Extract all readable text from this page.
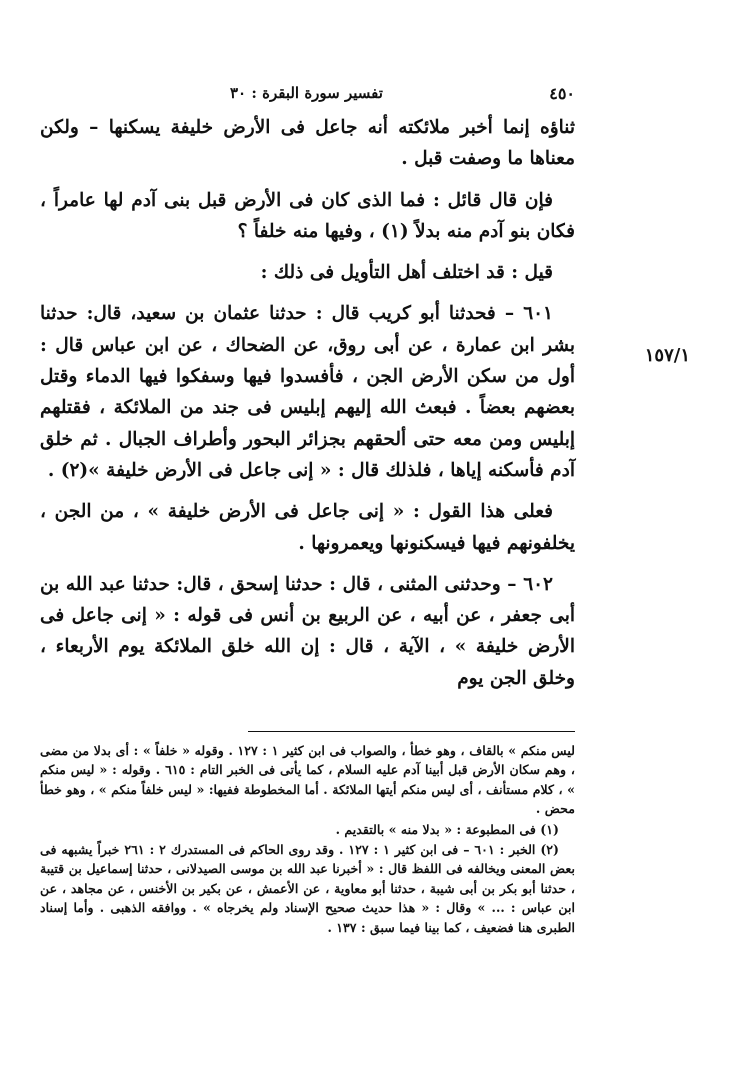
٤٥٠
تفسير سورة البقرة : ٣٠
١٥٧/١

ثناؤه إنما أخبر ملائكته أنه جاعل فى الأرض خليفة يسكنها – ولكن معناها ما وصفت قبل .

فإن قال قائل : فما الذى كان فى الأرض قبل بنى آدم لها عامراً ، فكان بنو آدم منه بدلاً (١) ، وفيها منه خلفاً ؟

قيل : قد اختلف أهل التأويل فى ذلك :

٦٠١ – فحدثنا أبو كريب قال : حدثنا عثمان بن سعيد، قال: حدثنا بشر ابن عمارة ، عن أبى روق، عن الضحاك ، عن ابن عباس قال : أول من سكن الأرض الجن ، فأفسدوا فيها وسفكوا فيها الدماء وقتل بعضهم بعضاً . فبعث الله إليهم إبليس فى جند من الملائكة ، فقتلهم إبليس ومن معه حتى ألحقهم بجزائر البحور وأطراف الجبال . ثم خلق آدم فأسكنه إياها ، فلذلك قال : « إنى جاعل فى الأرض خليفة »(٢) .

فعلى هذا القول : « إنى جاعل فى الأرض خليفة » ، من الجن ، يخلفونهم فيها فيسكنونها ويعمرونها .

٦٠٢ – وحدثنى المثنى ، قال : حدثنا إسحق ، قال: حدثنا عبد الله بن أبى جعفر ، عن أبيه ، عن الربيع بن أنس فى قوله : « إنى جاعل فى الأرض خليفة » ، الآية ، قال : إن الله خلق الملائكة يوم الأربعاء ، وخلق الجن يوم

ليس منكم » بالقاف ، وهو خطأ ، والصواب فى ابن كثير ١ : ١٢٧ . وقوله « خلفاً » : أى بدلا من مضى ، وهم سكان الأرض قبل أبينا آدم عليه السلام ، كما يأتى فى الخبر التام : ٦١٥ . وقوله : « ليس منكم » ، كلام مستأنف ، أى ليس منكم أيتها الملائكة . أما المخطوطة ففيها: « ليس خلفاً منكم » ، وهو خطأ محض .

(١) فى المطبوعة : « بدلا منه » بالتقديم .

(٢) الخبر : ٦٠١ – فى ابن كثير ١ : ١٢٧ . وقد روى الحاكم فى المستدرك ٢ : ٢٦١ خبراً يشبهه فى بعض المعنى ويخالفه فى اللفظ قال : « أخبرنا عبد الله بن موسى الصيدلانى ، حدثنا إسماعيل بن قتيبة ، حدثنا أبو بكر بن أبى شيبة ، حدثنا أبو معاوية ، عن الأعمش ، عن بكير بن الأخنس ، عن مجاهد ، عن ابن عباس : ... » وقال : « هذا حديث صحيح الإسناد ولم يخرجاه » . ووافقه الذهبى . وأما إسناد الطبرى هنا فضعيف ، كما بينا فيما سبق : ١٣٧ .
